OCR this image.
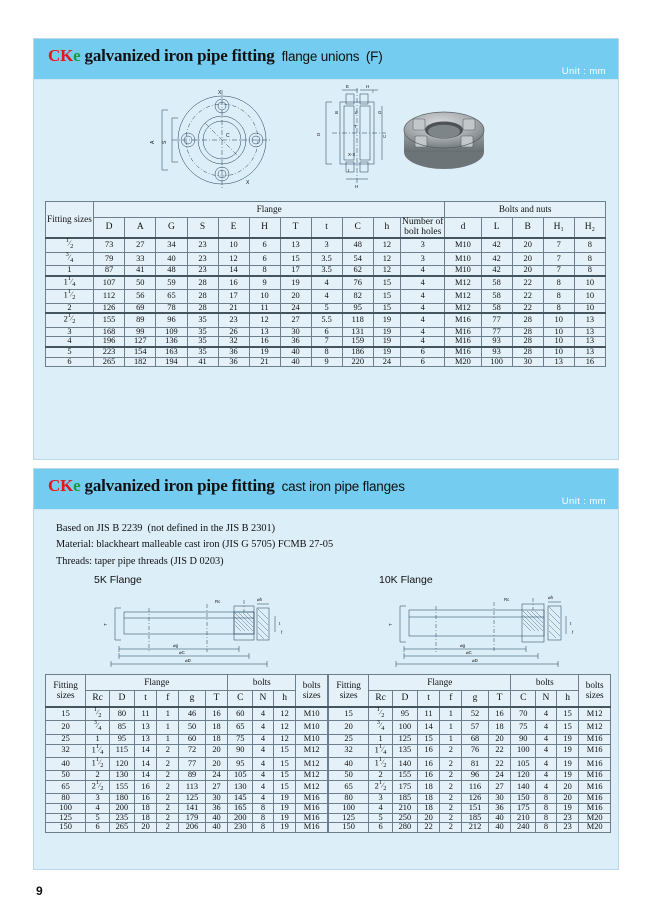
CKe galvanized iron pipe fitting flange unions (F)
Unit : mm
X
A S
C
X
E	H
₂
B	d	G
D
T
C
t
H
X-X
Fitting sizes	Flange											Bolts and nuts				
	D	A	G	S	E	H	T	t	C	h	Number of bolt holes	d	L	B	H₁	H₂
$^1⁄_2$	73	27	34	23	10	6	13	3	48	12	3	M10	42	20	7	8
$^3⁄_4$	79	33	40	23	12	6	15	3.5	54	12	3	M10	42	20	7	8
1	87	41	48	23	14	8	17	3.5	62	12	4	M10	42	20	7	8
$1^1⁄_4$	107	50	59	28	16	9	19	4	76	15	4	M12	58	22	8	10
$1^1⁄_2$	112	56	65	28	17	10	20	4	82	15	4	M12	58	22	8	10
2	126	69	78	28	21	11	24	5	95	15	4	M12	58	22	8	10
$2^1⁄_2$	155	89	96	35	23	12	27	5.5	118	19	4	M16	77	28	10	13
3	168	99	109	35	26	13	30	6	131	19	4	M16	77	28	10	13
4	196	127	136	35	32	16	36	7	159	19	4	M16	93	28	10	13
5	223	154	163	35	36	19	40	8	186	19	6	M16	93	28	10	13
6	265	182	194	41	36	21	40	9	220	24	6	M20	100	30	13	16
CKe galvanized iron pipe fitting cast iron pipe flanges
Unit : mm
Based on JIS B 2239 (not defined in the JIS B 2301)
Material: blackheart malleable cast iron (JIS G 5705) FCMB 27-05
Threads: taper pipe threads (JIS D 0203)
5K Flange	10K Flange
T
Rc	⌀h
t
f
⌀g
⌀C
⌀D
T
Rc	⌀h
t
f
⌀g
⌀C
⌀D
Fitting sizes	Flange						bolts			bolts sizes
	Rc	D	t	f	g	T	C	N	h	
15	$^1⁄_2$	80	11	1	46	16	60	4	12	M10
20	$^3⁄_4$	85	13	1	50	18	65	4	12	M10
25	1	95	13	1	60	18	75	4	12	M10
32	$1^1⁄_4$	115	14	2	72	20	90	4	15	M12
40	$1^1⁄_2$	120	14	2	77	20	95	4	15	M12
50	2	130	14	2	89	24	105	4	15	M12
65	$2^1⁄_2$	155	16	2	113	27	130	4	15	M12
80	3	180	16	2	125	30	145	4	19	M16
100	4	200	18	2	141	36	165	8	19	M16
125	5	235	18	2	179	40	200	8	19	M16
150	6	265	20	2	206	40	230	8	19	M16
Fitting sizes	Flange						bolts			bolts sizes
	Rc	D	t	f	g	T	C	N	h	
15	$^1⁄_2$	95	11	1	52	16	70	4	15	M12
20	$^3⁄_4$	100	14	1	57	18	75	4	15	M12
25	1	125	15	1	68	20	90	4	19	M16
32	$1^1⁄_4$	135	16	2	76	22	100	4	19	M16
40	$1^1⁄_2$	140	16	2	81	22	105	4	19	M16
50	2	155	16	2	96	24	120	4	19	M16
65	$2^1⁄_2$	175	18	2	116	27	140	4	20	M16
80	3	185	18	2	126	30	150	8	20	M16
100	4	210	18	2	151	36	175	8	19	M16
125	5	250	20	2	185	40	210	8	23	M20
150	6	280	22	2	212	40	240	8	23	M20
9
